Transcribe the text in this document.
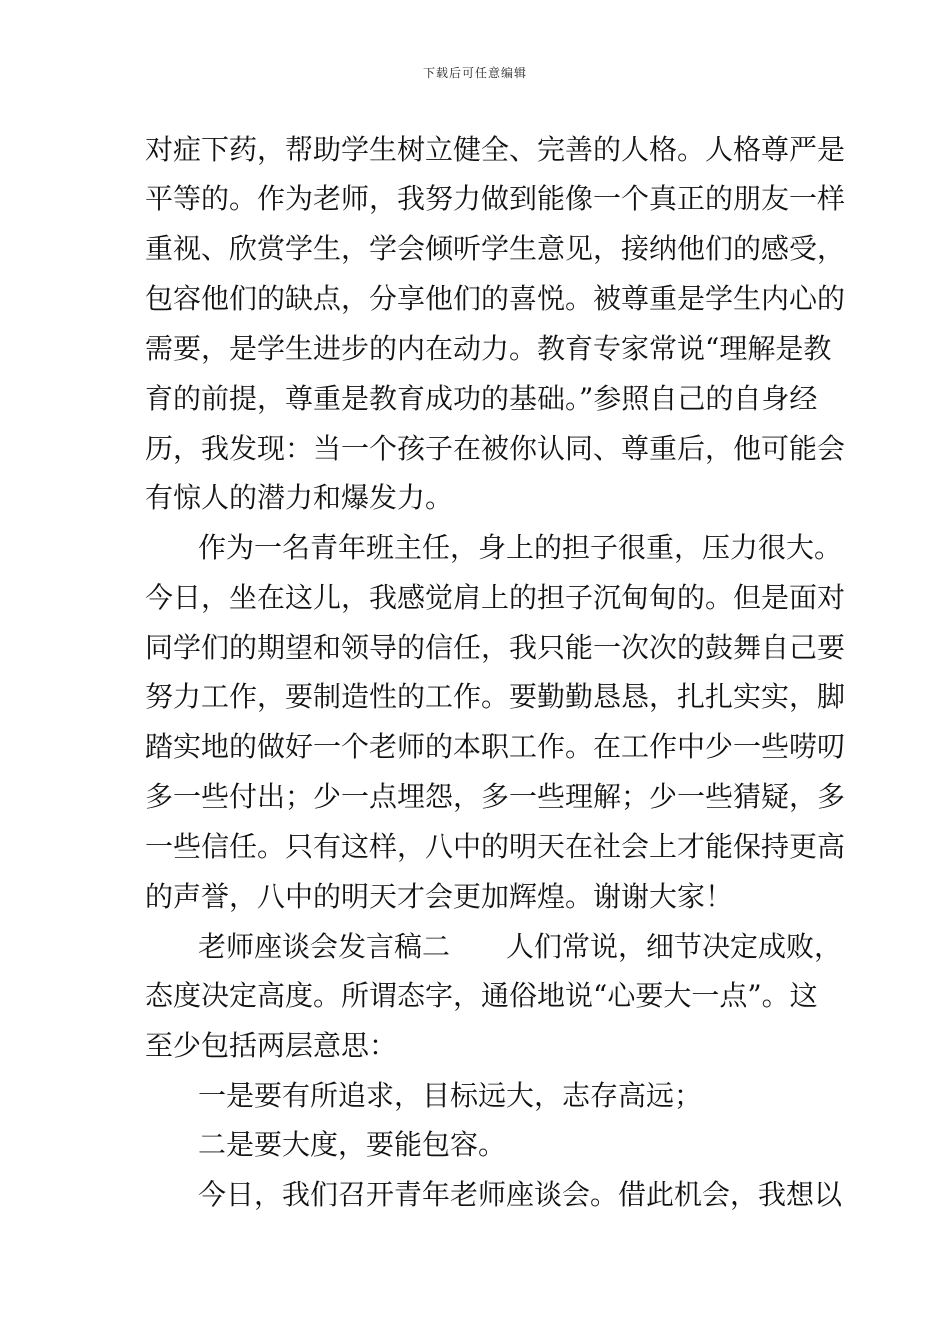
下载后可任意编辑
对症下药，帮助学生树立健全、完善的人格。人格尊严是
平等的。作为老师，我努力做到能像一个真正的朋友一样
重视、欣赏学生，学会倾听学生意见，接纳他们的感受，
包容他们的缺点，分享他们的喜悦。被尊重是学生内心的
需要，是学生进步的内在动力。教育专家常说“理解是教
育的前提，尊重是教育成功的基础。”参照自己的自身经
历，我发现：当一个孩子在被你认同、尊重后，他可能会
有惊人的潜力和爆发力。
作为一名青年班主任，身上的担子很重，压力很大。
今日，坐在这儿，我感觉肩上的担子沉甸甸的。但是面对
同学们的期望和领导的信任，我只能一次次的鼓舞自己要
努力工作，要制造性的工作。要勤勤恳恳，扎扎实实，脚
踏实地的做好一个老师的本职工作。在工作中少一些唠叨
多一些付出；少一点埋怨，多一些理解；少一些猜疑，多
一些信任。只有这样，八中的明天在社会上才能保持更高
的声誉，八中的明天才会更加辉煌。谢谢大家！
老师座谈会发言稿二 人们常说，细节决定成败，
态度决定高度。所谓态字，通俗地说“心要大一点”。这
至少包括两层意思：
一是要有所追求，目标远大，志存高远；
二是要大度，要能包容。
今日，我们召开青年老师座谈会。借此机会，我想以
